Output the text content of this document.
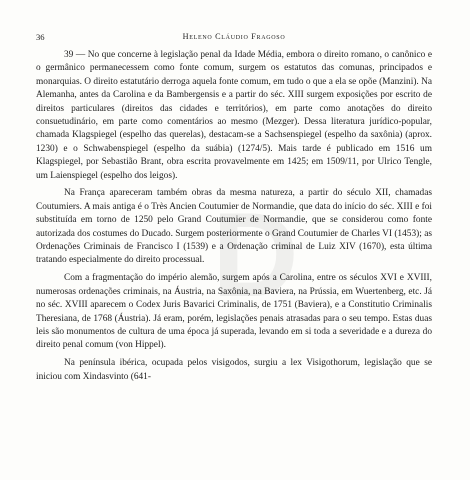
36	Heleno Cláudio Fragoso
D

39 — No que concerne à legislação penal da Idade Média, embora o direito romano, o canônico e o germânico permanecessem como fonte comum, surgem os estatutos das comunas, principados e monarquias. O direito estatutário derroga aquela fonte comum, em tudo o que a ela se opõe (Manzini). Na Alemanha, antes da Carolina e da Bambergensis e a partir do séc. XIII surgem exposições por escrito de direitos particulares (direitos das cidades e territórios), em parte como anotações do direito consuetudinário, em parte como comentários ao mesmo (Mezger). Dessa literatura jurídico-popular, chamada Klagspiegel (espelho das querelas), destacam-se a Sachsenspiegel (espelho da saxônia) (aprox. 1230) e o Schwabenspiegel (espelho da suábia) (1274/5). Mais tarde é publicado em 1516 um Klagspiegel, por Sebastião Brant, obra escrita provavelmente em 1425; em 1509/11, por Ulrico Tengle, um Laienspiegel (espelho dos leigos).

Na França apareceram também obras da mesma natureza, a partir do século XII, chamadas Coutumiers. A mais antiga é o Très Ancien Coutumier de Normandie, que data do início do séc. XIII e foi substituída em torno de 1250 pelo Grand Coutumier de Normandie, que se considerou como fonte autorizada dos costumes do Ducado. Surgem posteriormente o Grand Coutumier de Charles VI (1453); as Ordenações Criminais de Francisco I (1539) e a Ordenação criminal de Luiz XIV (1670), esta última tratando especialmente do direito processual.

Com a fragmentação do império alemão, surgem após a Carolina, entre os séculos XVI e XVIII, numerosas ordenações criminais, na Áustria, na Saxônia, na Baviera, na Prússia, em Wuertenberg, etc. Já no séc. XVIII aparecem o Codex Juris Bavarici Criminalis, de 1751 (Baviera), e a Constitutio Criminalis Theresiana, de 1768 (Áustria). Já eram, porém, legislações penais atrasadas para o seu tempo. Estas duas leis são monumentos de cultura de uma época já superada, levando em si toda a severidade e a dureza do direito penal comum (von Hippel).

Na península ibérica, ocupada pelos visigodos, surgiu a lex Visigothorum, legislação que se iniciou com Xindasvinto (641-
